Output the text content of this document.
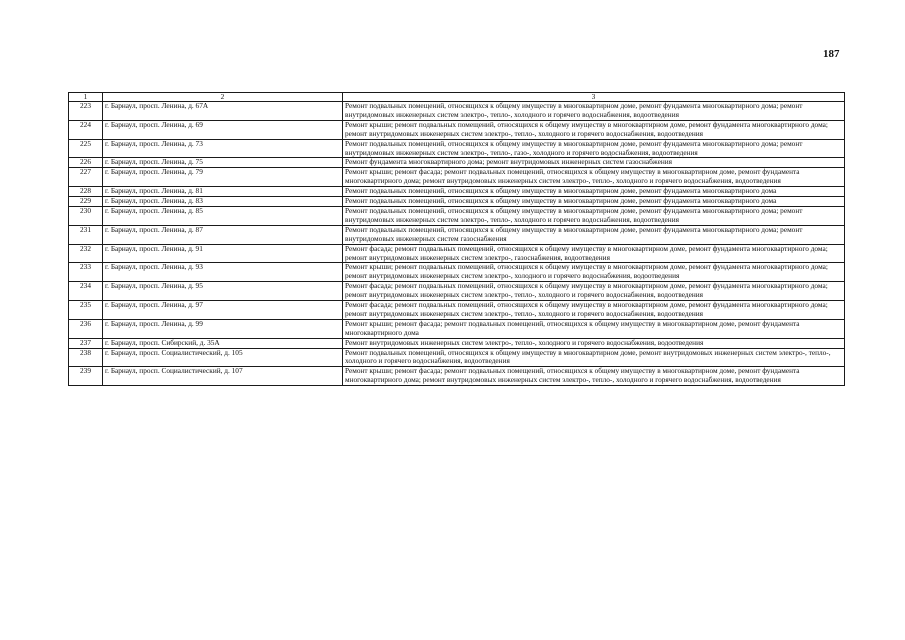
187
1	2	3
223	г. Барнаул, просп. Ленина, д. 67А	Ремонт подвальных помещений, относящихся к общему имуществу в многоквартирном доме, ремонт фундамента многоквартирного дома; ремонт внутридомовых инженерных систем электро-, тепло-, холодного и горячего водоснабжения, водоотведения
224	г. Барнаул, просп. Ленина, д. 69	Ремонт крыши; ремонт подвальных помещений, относящихся к общему имуществу в многоквартирном доме, ремонт фундамента многоквартирного дома; ремонт внутридомовых инженерных систем электро-, тепло-, холодного и горячего водоснабжения, водоотведения
225	г. Барнаул, просп. Ленина, д. 73	Ремонт подвальных помещений, относящихся к общему имуществу в многоквартирном доме, ремонт фундамента многоквартирного дома; ремонт внутридомовых инженерных систем электро-, тепло-, газо-, холодного и горячего водоснабжения, водоотведения
226	г. Барнаул, просп. Ленина, д. 75	Ремонт фундамента многоквартирного дома; ремонт внутридомовых инженерных систем газоснабжения
227	г. Барнаул, просп. Ленина, д. 79	Ремонт крыши; ремонт фасада; ремонт подвальных помещений, относящихся к общему имуществу в многоквартирном доме, ремонт фундамента многоквартирного дома; ремонт внутридомовых инженерных систем электро-, тепло-, холодного и горячего водоснабжения, водоотведения
228	г. Барнаул, просп. Ленина, д. 81	Ремонт подвальных помещений, относящихся к общему имуществу в многоквартирном доме, ремонт фундамента многоквартирного дома
229	г. Барнаул, просп. Ленина, д. 83	Ремонт подвальных помещений, относящихся к общему имуществу в многоквартирном доме, ремонт фундамента многоквартирного дома
230	г. Барнаул, просп. Ленина, д. 85	Ремонт подвальных помещений, относящихся к общему имуществу в многоквартирном доме, ремонт фундамента многоквартирного дома; ремонт внутридомовых инженерных систем электро-, тепло-, холодного и горячего водоснабжения, водоотведения
231	г. Барнаул, просп. Ленина, д. 87	Ремонт подвальных помещений, относящихся к общему имуществу в многоквартирном доме, ремонт фундамента многоквартирного дома; ремонт внутридомовых инженерных систем газоснабжения
232	г. Барнаул, просп. Ленина, д. 91	Ремонт фасада; ремонт подвальных помещений, относящихся к общему имуществу в многоквартирном доме, ремонт фундамента многоквартирного дома; ремонт внутридомовых инженерных систем электро-, газоснабжения, водоотведения
233	г. Барнаул, просп. Ленина, д. 93	Ремонт крыши; ремонт подвальных помещений, относящихся к общему имуществу в многоквартирном доме, ремонт фундамента многоквартирного дома; ремонт внутридомовых инженерных систем электро-, холодного и горячего водоснабжения, водоотведения
234	г. Барнаул, просп. Ленина, д. 95	Ремонт фасада; ремонт подвальных помещений, относящихся к общему имуществу в многоквартирном доме, ремонт фундамента многоквартирного дома; ремонт внутридомовых инженерных систем электро-, тепло-, холодного и горячего водоснабжения, водоотведения
235	г. Барнаул, просп. Ленина, д. 97	Ремонт фасада; ремонт подвальных помещений, относящихся к общему имуществу в многоквартирном доме, ремонт фундамента многоквартирного дома; ремонт внутридомовых инженерных систем электро-, тепло-, холодного и горячего водоснабжения, водоотведения
236	г. Барнаул, просп. Ленина, д. 99	Ремонт крыши; ремонт фасада; ремонт подвальных помещений, относящихся к общему имуществу в многоквартирном доме, ремонт фундамента многоквартирного дома
237	г. Барнаул, просп. Сибирский, д. 35А	Ремонт внутридомовых инженерных систем электро-, тепло-, холодного и горячего водоснабжения, водоотведения
238	г. Барнаул, просп. Социалистический, д. 105	Ремонт подвальных помещений, относящихся к общему имуществу в многоквартирном доме, ремонт внутридомовых инженерных систем электро-, тепло-, холодного и горячего водоснабжения, водоотведения
239	г. Барнаул, просп. Социалистический, д. 107	Ремонт крыши; ремонт фасада; ремонт подвальных помещений, относящихся к общему имуществу в многоквартирном доме, ремонт фундамента многоквартирного дома; ремонт внутридомовых инженерных систем электро-, тепло-, холодного и горячего водоснабжения, водоотведения
